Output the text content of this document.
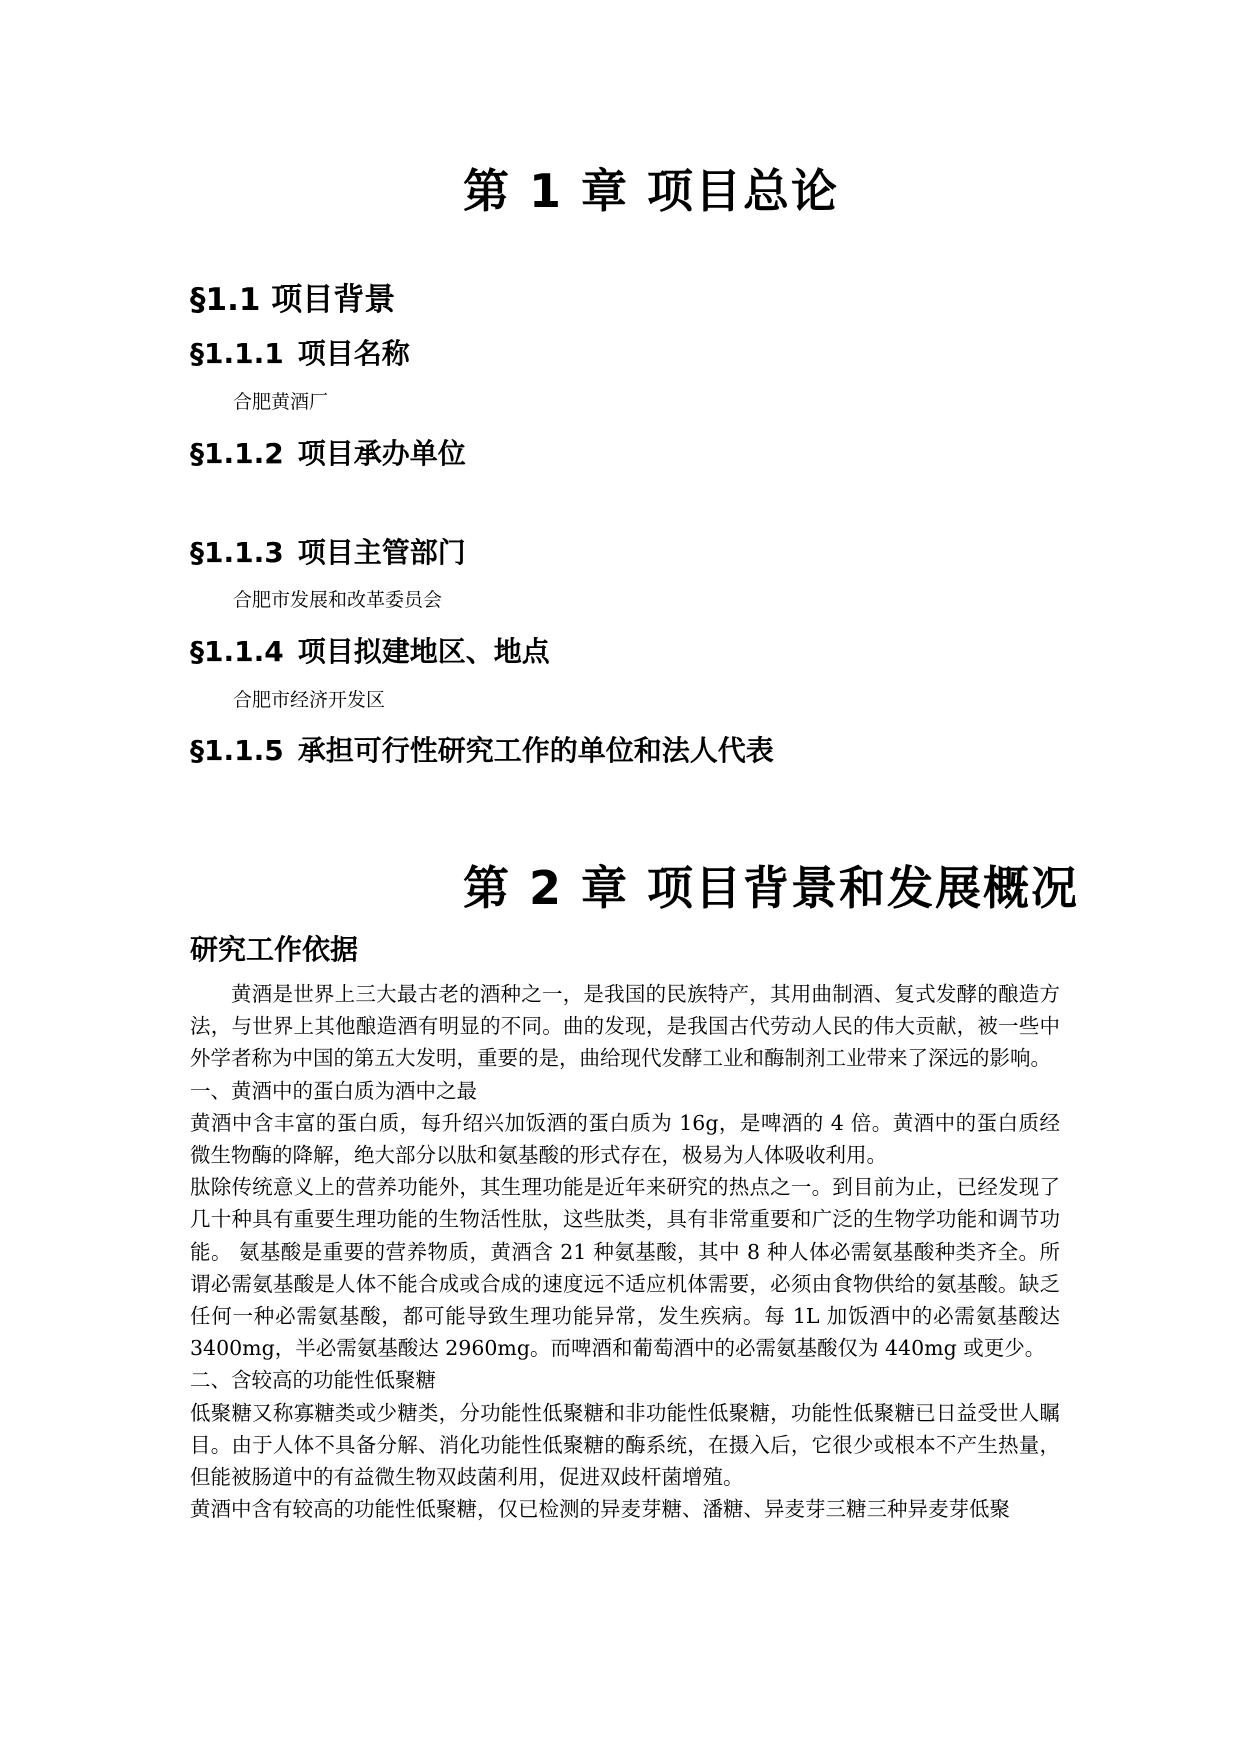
第 1 章 项目总论
§1.1 项目背景
§1.1.1 项目名称

合肥黄酒厂

§1.1.2 项目承办单位
§1.1.3 项目主管部门

合肥市发展和改革委员会

§1.1.4 项目拟建地区、地点

合肥市经济开发区

§1.1.5 承担可行性研究工作的单位和法人代表
第 2 章 项目背景和发展概况
研究工作依据

黄酒是世界上三大最古老的酒种之一，是我国的民族特产，其用曲制酒、复式发酵的酿造方法，与世界上其他酿造酒有明显的不同。曲的发现，是我国古代劳动人民的伟大贡献，被一些中外学者称为中国的第五大发明，重要的是，曲给现代发酵工业和酶制剂工业带来了深远的影响。

一、黄酒中的蛋白质为酒中之最

黄酒中含丰富的蛋白质，每升绍兴加饭酒的蛋白质为 16g，是啤酒的 4 倍。黄酒中的蛋白质经微生物酶的降解，绝大部分以肽和氨基酸的形式存在，极易为人体吸收利用。

肽除传统意义上的营养功能外，其生理功能是近年来研究的热点之一。到目前为止，已经发现了几十种具有重要生理功能的生物活性肽，这些肽类，具有非常重要和广泛的生物学功能和调节功能。 氨基酸是重要的营养物质，黄酒含 21 种氨基酸，其中 8 种人体必需氨基酸种类齐全。所谓必需氨基酸是人体不能合成或合成的速度远不适应机体需要，必须由食物供给的氨基酸。缺乏任何一种必需氨基酸，都可能导致生理功能异常，发生疾病。每 1L 加饭酒中的必需氨基酸达 3400mg，半必需氨基酸达 2960mg。而啤酒和葡萄酒中的必需氨基酸仅为 440mg 或更少。

二、含较高的功能性低聚糖

低聚糖又称寡糖类或少糖类，分功能性低聚糖和非功能性低聚糖，功能性低聚糖已日益受世人瞩目。由于人体不具备分解、消化功能性低聚糖的酶系统，在摄入后，它很少或根本不产生热量，但能被肠道中的有益微生物双歧菌利用，促进双歧杆菌增殖。

黄酒中含有较高的功能性低聚糖，仅已检测的异麦芽糖、潘糖、异麦芽三糖三种异麦芽低聚
